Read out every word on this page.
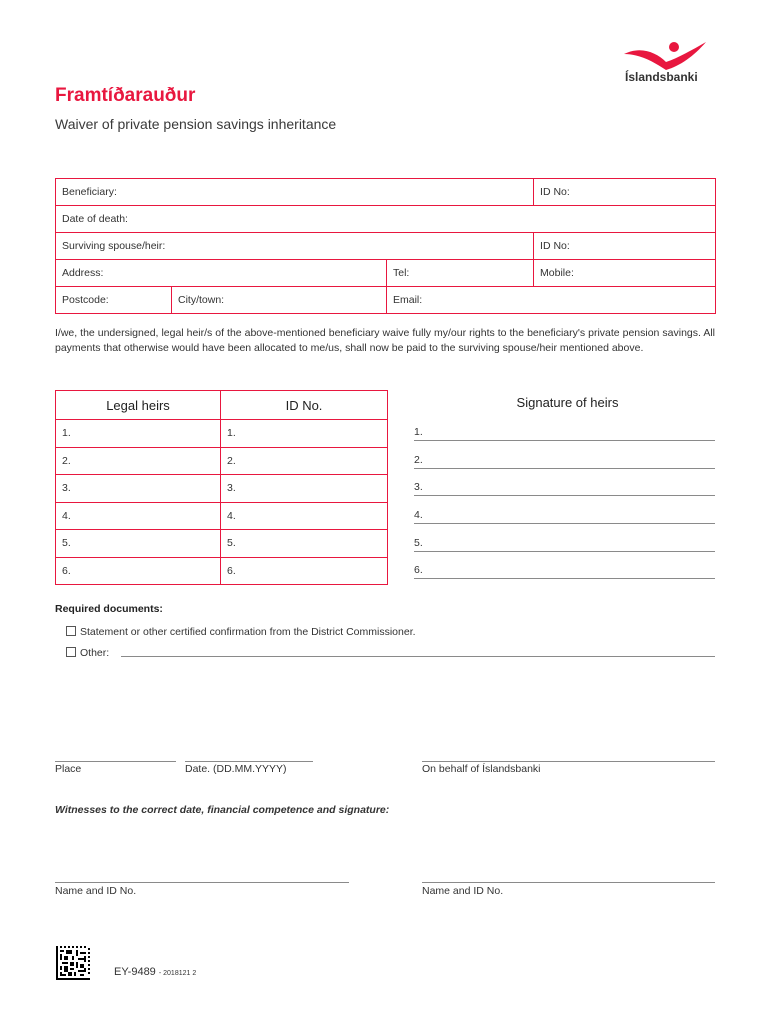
Framtíðarauður
Waiver of private pension savings inheritance
Íslandsbanki
Beneficiary:			ID No:
Date of death:			
Surviving spouse/heir:			ID No:
Address:		Tel:	Mobile:
Postcode:	City/town:	Email:	
I/we, the undersigned, legal heir/s of the above-mentioned beneficiary waive fully my/our rights to the beneficiary's private pension savings. All payments that otherwise would have been allocated to me/us, shall now be paid to the surviving spouse/heir mentioned above.
Legal heirs	ID No.
1.	1.
2.	2.
3.	3.
4.	4.
5.	5.
6.	6.
Signature of heirs
1.
2.
3.
4.
5.
6.
Required documents:
Statement or other certified confirmation from the District Commissioner.
Other:
Place	Date. (DD.MM.YYYY)	On behalf of Íslandsbanki
Witnesses to the correct date, financial competence and signature:
Name and ID No.	Name and ID No.
EY-9489 - 2018121 2
